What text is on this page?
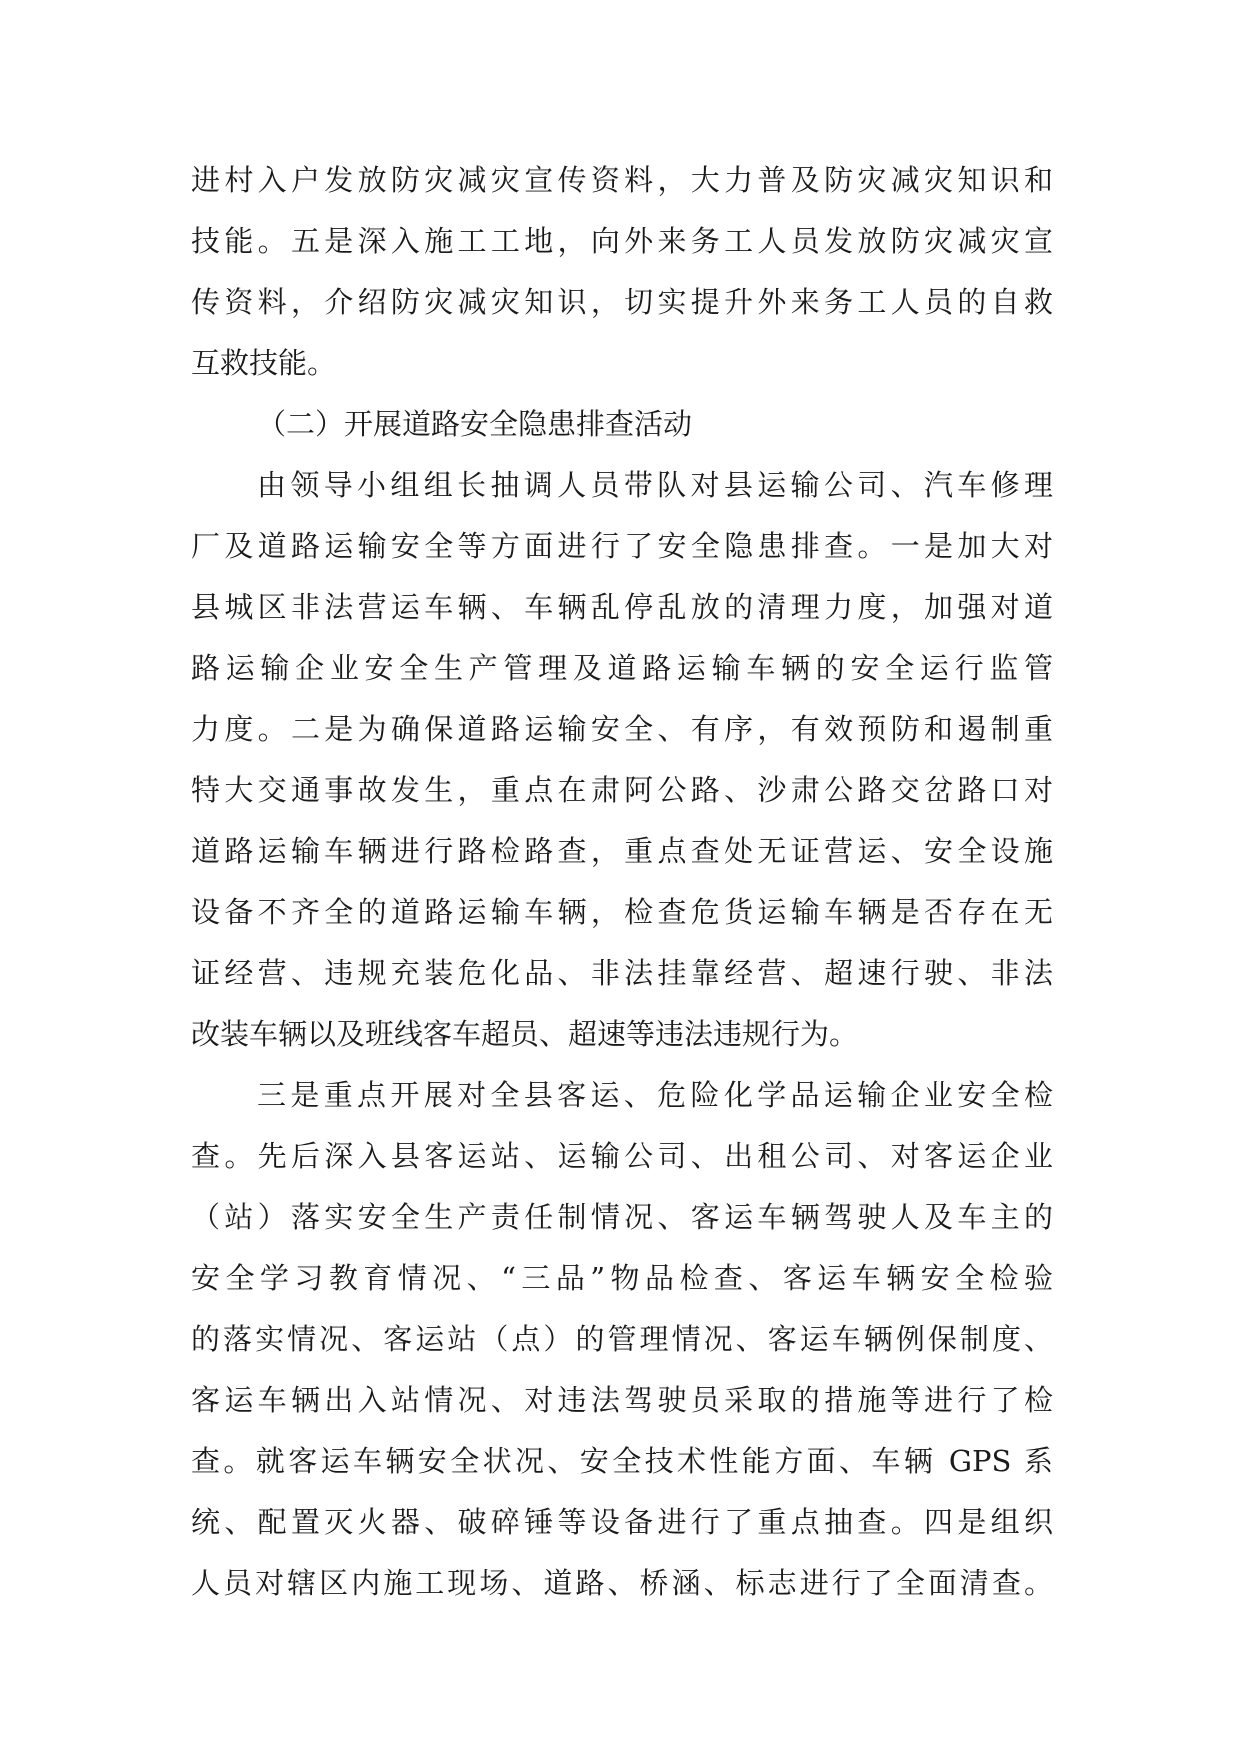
进村入户发放防灾减灾宣传资料，大力普及防灾减灾知识和
技能。五是深入施工工地，向外来务工人员发放防灾减灾宣
传资料，介绍防灾减灾知识，切实提升外来务工人员的自救
互救技能。
（二）开展道路安全隐患排查活动
由领导小组组长抽调人员带队对县运输公司、汽车修理
厂及道路运输安全等方面进行了安全隐患排查。一是加大对
县城区非法营运车辆、车辆乱停乱放的清理力度，加强对道
路运输企业安全生产管理及道路运输车辆的安全运行监管
力度。二是为确保道路运输安全、有序，有效预防和遏制重
特大交通事故发生，重点在肃阿公路、沙肃公路交岔路口对
道路运输车辆进行路检路查，重点查处无证营运、安全设施
设备不齐全的道路运输车辆，检查危货运输车辆是否存在无
证经营、违规充装危化品、非法挂靠经营、超速行驶、非法
改装车辆以及班线客车超员、超速等违法违规行为。
三是重点开展对全县客运、危险化学品运输企业安全检
查。先后深入县客运站、运输公司、出租公司、对客运企业
（站）落实安全生产责任制情况、客运车辆驾驶人及车主的
安全学习教育情况、“三品”物品检查、客运车辆安全检验
的落实情况、客运站（点）的管理情况、客运车辆例保制度、
客运车辆出入站情况、对违法驾驶员采取的措施等进行了检
查。就客运车辆安全状况、安全技术性能方面、车辆 GPS 系
统、配置灭火器、破碎锤等设备进行了重点抽查。四是组织
人员对辖区内施工现场、道路、桥涵、标志进行了全面清查。
